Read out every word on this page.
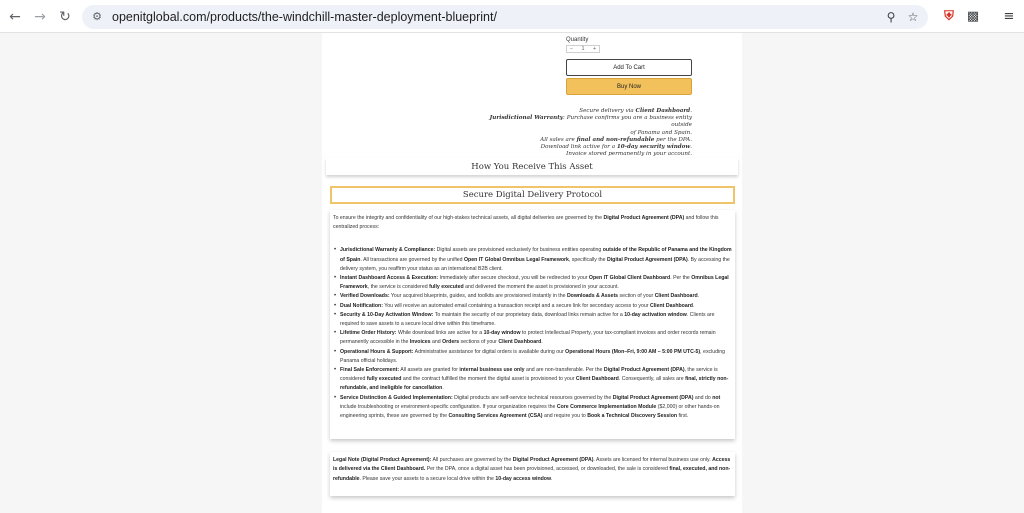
← → ↻ ⚙ openitglobal.com/products/the-windchill-master-deployment-blueprint/	⚲ ☆	⛨ ▩ ≡
Quantity
− 1 +
Add To Cart
Buy Now
Secure delivery via Client Dashboard.
Jurisdictional Warranty: Purchase confirms you are a business entity outside
of Panama and Spain.
All sales are final and non-refundable per the DPA.
Download link active for a 10-day security window.
Invoice stored permanently in your account.
How You Receive This Asset
Secure Digital Delivery Protocol
To ensure the integrity and confidentiality of our high-stakes technical assets, all digital deliveries are governed by the Digital Product Agreement (DPA) and follow this centralized process:
• Jurisdictional Warranty & Compliance: Digital assets are provisioned exclusively for business entities operating outside of the Republic of Panama and the Kingdom of Spain. All transactions are governed by the unified Open IT Global Omnibus Legal Framework, specifically the Digital Product Agreement (DPA). By accessing the delivery system, you reaffirm your status as an international B2B client.
• Instant Dashboard Access & Execution: Immediately after secure checkout, you will be redirected to your Open IT Global Client Dashboard. Per the Omnibus Legal Framework, the service is considered fully executed and delivered the moment the asset is provisioned in your account.
• Verified Downloads: Your acquired blueprints, guides, and toolkits are provisioned instantly in the Downloads & Assets section of your Client Dashboard.
• Dual Notification: You will receive an automated email containing a transaction receipt and a secure link for secondary access to your Client Dashboard.
• Security & 10-Day Activation Window: To maintain the security of our proprietary data, download links remain active for a 10-day activation window. Clients are required to save assets to a secure local drive within this timeframe.
• Lifetime Order History: While download links are active for a 10-day window to protect Intellectual Property, your tax-compliant invoices and order records remain permanently accessible in the Invoices and Orders sections of your Client Dashboard.
• Operational Hours & Support: Administrative assistance for digital orders is available during our Operational Hours (Mon–Fri, 9:00 AM – 5:00 PM UTC-5), excluding Panama official holidays.
• Final Sale Enforcement: All assets are granted for internal business use only and are non-transferable. Per the Digital Product Agreement (DPA), the service is considered fully executed and the contract fulfilled the moment the digital asset is provisioned to your Client Dashboard. Consequently, all sales are final, strictly non-refundable, and ineligible for cancellation.
• Service Distinction & Guided Implementation: Digital products are self-service technical resources governed by the Digital Product Agreement (DPA) and do not include troubleshooting or environment-specific configuration. If your organization requires the Core Commerce Implementation Module ($2,000) or other hands-on engineering sprints, these are governed by the Consulting Services Agreement (CSA) and require you to Book a Technical Discovery Session first.
Legal Note (Digital Product Agreement): All purchases are governed by the Digital Product Agreement (DPA). Assets are licensed for internal business use only. Access is delivered via the Client Dashboard. Per the DPA, once a digital asset has been provisioned, accessed, or downloaded, the sale is considered final, executed, and non-refundable. Please save your assets to a secure local drive within the 10-day access window.
